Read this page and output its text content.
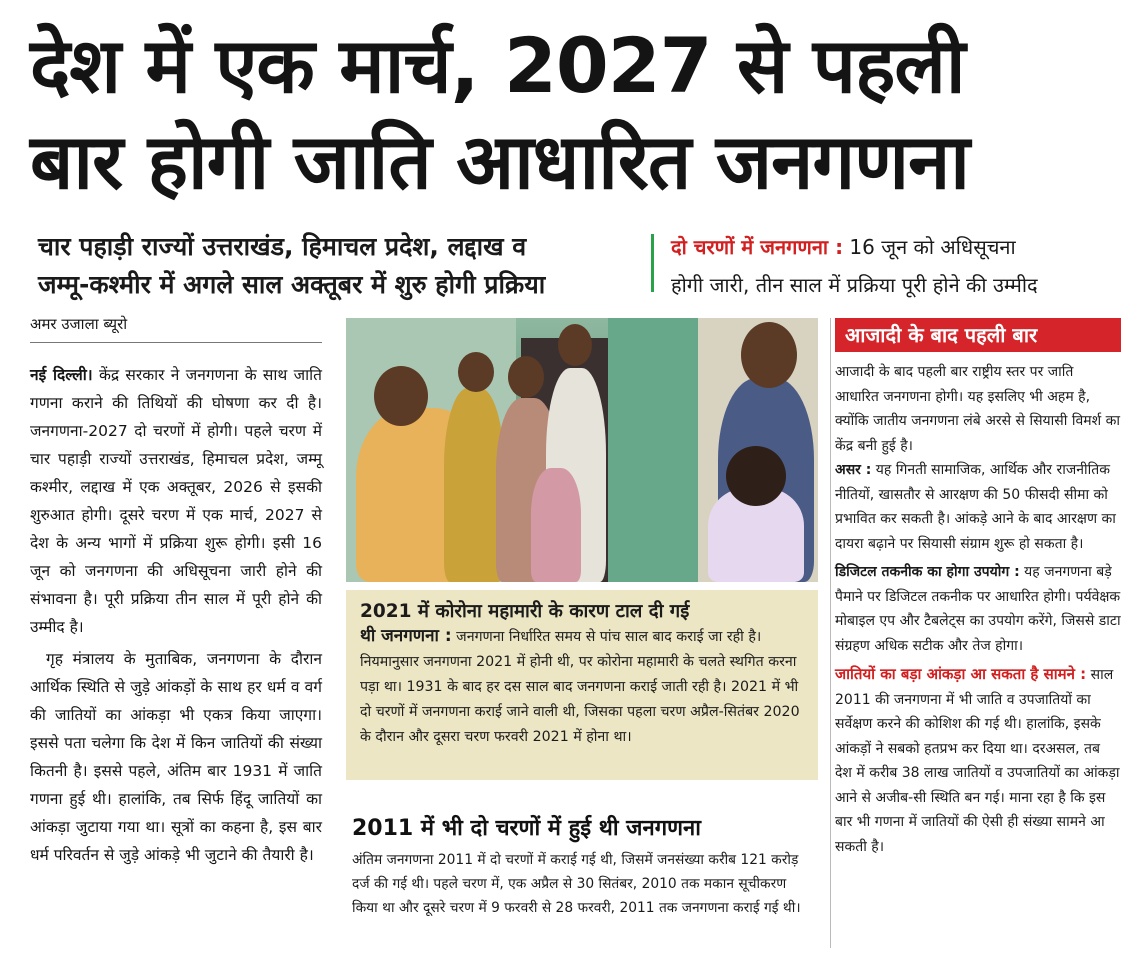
देश में एक मार्च, 2027 से पहली
बार होगी जाति आधारित जनगणना
चार पहाड़ी राज्यों उत्तराखंड, हिमाचल प्रदेश, लद्दाख व
जम्मू-कश्मीर में अगले साल अक्तूबर में शुरु होगी प्रक्रिया
दो चरणों में जनगणना : 16 जून को अधिसूचना
होगी जारी, तीन साल में प्रक्रिया पूरी होने की उम्मीद
अमर उजाला ब्यूरो

नई दिल्ली। केंद्र सरकार ने जनगणना के साथ जाति गणना कराने की तिथियों की घोषणा कर दी है। जनगणना-2027 दो चरणों में होगी। पहले चरण में चार पहाड़ी राज्यों उत्तराखंड, हिमाचल प्रदेश, जम्मू कश्मीर, लद्दाख में एक अक्तूबर, 2026 से इसकी शुरुआत होगी। दूसरे चरण में एक मार्च, 2027 से देश के अन्य भागों में प्रक्रिया शुरू होगी। इसी 16 जून को जनगणना की अधिसूचना जारी होने की संभावना है। पूरी प्रक्रिया तीन साल में पूरी होने की उम्मीद है।

गृह मंत्रालय के मुताबिक, जनगणना के दौरान आर्थिक स्थिति से जुड़े आंकड़ों के साथ हर धर्म व वर्ग की जातियों का आंकड़ा भी एकत्र किया जाएगा। इससे पता चलेगा कि देश में किन जातियों की संख्या कितनी है। इससे पहले, अंतिम बार 1931 में जाति गणना हुई थी। हालांकि, तब सिर्फ हिंदू जातियों का आंकड़ा जुटाया गया था। सूत्रों का कहना है, इस बार धर्म परिवर्तन से जुड़े आंकड़े भी जुटाने की तैयारी है।

2021 में कोरोना महामारी के कारण टाल दी गई
थी जनगणना : जनगणना निर्धारित समय से पांच साल बाद कराई जा रही है। नियमानुसार जनगणना 2021 में होनी थी, पर कोरोना महामारी के चलते स्थगित करना पड़ा था। 1931 के बाद हर दस साल बाद जनगणना कराई जाती रही है। 2021 में भी दो चरणों में जनगणना कराई जाने वाली थी, जिसका पहला चरण अप्रैल-सितंबर 2020 के दौरान और दूसरा चरण फरवरी 2021 में होना था।
2011 में भी दो चरणों में हुई थी जनगणना
अंतिम जनगणना 2011 में दो चरणों में कराई गई थी, जिसमें जनसंख्या करीब 121 करोड़ दर्ज की गई थी। पहले चरण में, एक अप्रैल से 30 सितंबर, 2010 तक मकान सूचीकरण किया था और दूसरे चरण में 9 फरवरी से 28 फरवरी, 2011 तक जनगणना कराई गई थी।
आजादी के बाद पहली बार
आजादी के बाद पहली बार राष्ट्रीय स्तर पर जाति आधारित जनगणना होगी। यह इसलिए भी अहम है, क्योंकि जातीय जनगणना लंबे अरसे से सियासी विमर्श का केंद्र बनी हुई है।
असर : यह गिनती सामाजिक, आर्थिक और राजनीतिक नीतियों, खासतौर से आरक्षण की 50 फीसदी सीमा को प्रभावित कर सकती है। आंकड़े आने के बाद आरक्षण का दायरा बढ़ाने पर सियासी संग्राम शुरू हो सकता है।
डिजिटल तकनीक का होगा उपयोग : यह जनगणना बड़े पैमाने पर डिजिटल तकनीक पर आधारित होगी। पर्यवेक्षक मोबाइल एप और टैबलेट्स का उपयोग करेंगे, जिससे डाटा संग्रहण अधिक सटीक और तेज होगा।
जातियों का बड़ा आंकड़ा आ सकता है सामने : साल 2011 की जनगणना में भी जाति व उपजातियों का सर्वेक्षण करने की कोशिश की गई थी। हालांकि, इसके आंकड़ों ने सबको हतप्रभ कर दिया था। दरअसल, तब देश में करीब 38 लाख जातियों व उपजातियों का आंकड़ा आने से अजीब-सी स्थिति बन गई। माना रहा है कि इस बार भी गणना में जातियों की ऐसी ही संख्या सामने आ सकती है।
